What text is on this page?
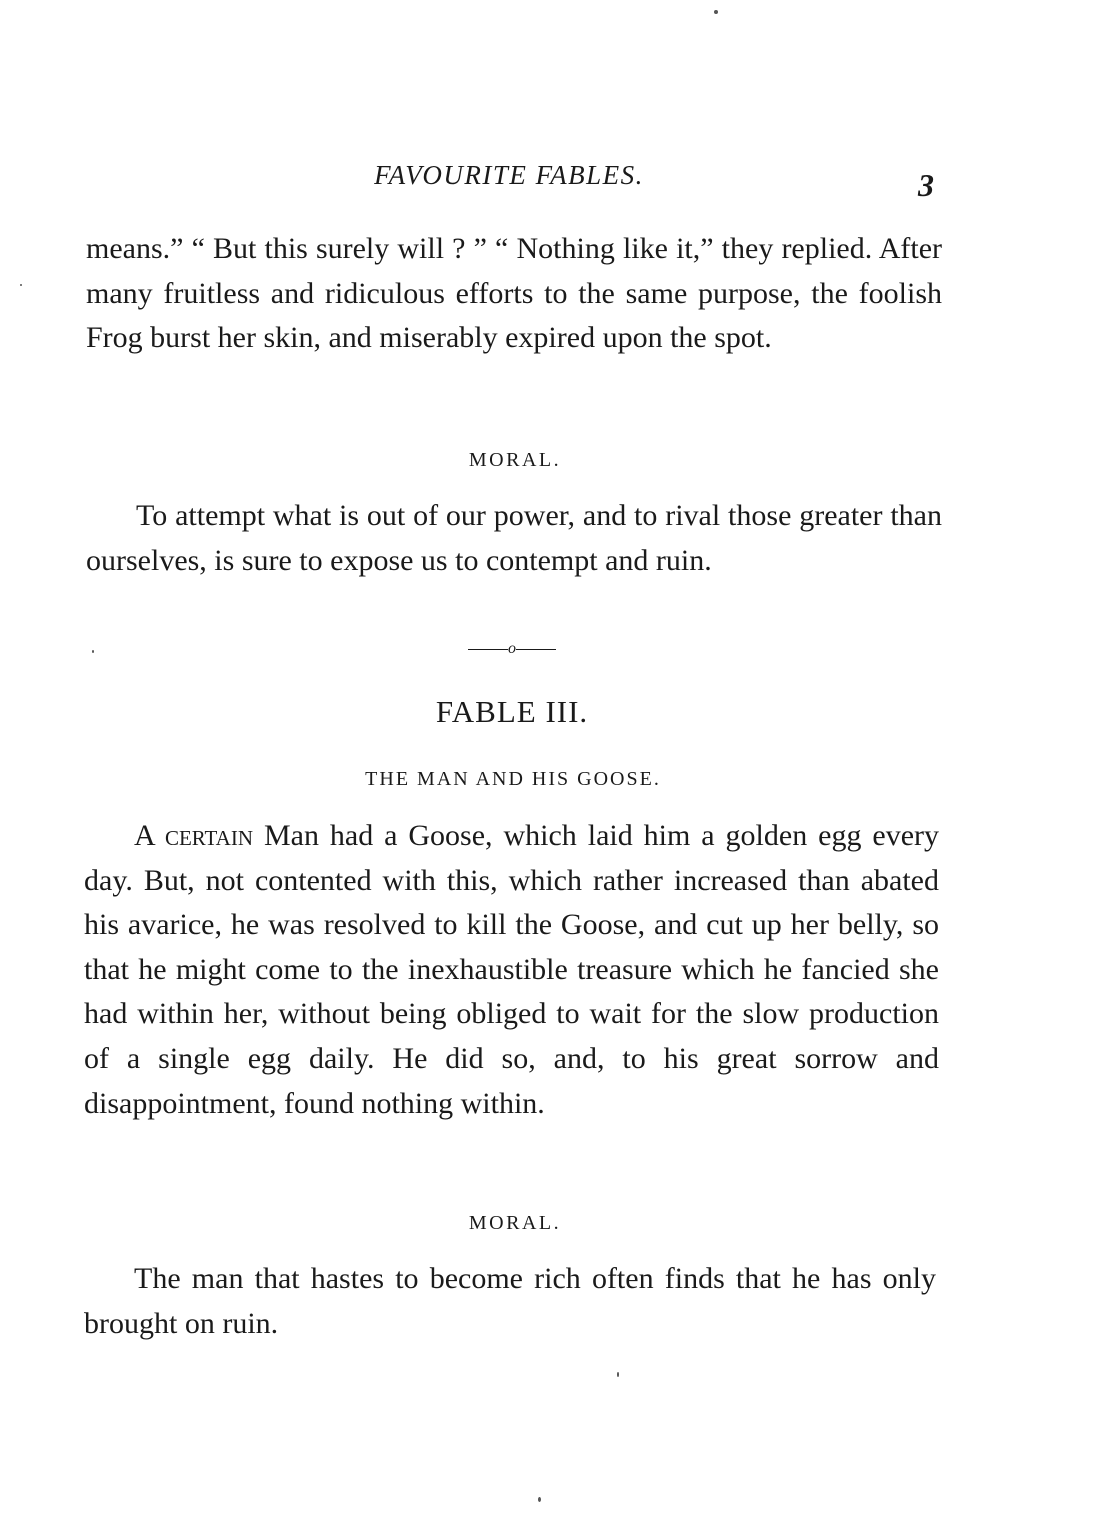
FAVOURITE FABLES.	3

means.” “ But this surely will ? ” “ Nothing like it,” they replied. After many fruitless and ridiculous efforts to the same purpose, the foolish Frog burst her skin, and miserably expired upon the spot.

MORAL.

To attempt what is out of our power, and to rival those greater than ourselves, is sure to expose us to contempt and ruin.

o

FABLE III.

THE MAN AND HIS GOOSE.

A certain Man had a Goose, which laid him a golden egg every day. But, not contented with this, which rather increased than abated his avarice, he was resolved to kill the Goose, and cut up her belly, so that he might come to the inexhaustible treasure which he fancied she had within her, without being obliged to wait for the slow production of a single egg daily. He did so, and, to his great sorrow and disappointment, found nothing within.

MORAL.

The man that hastes to become rich often finds that he has only brought on ruin.
